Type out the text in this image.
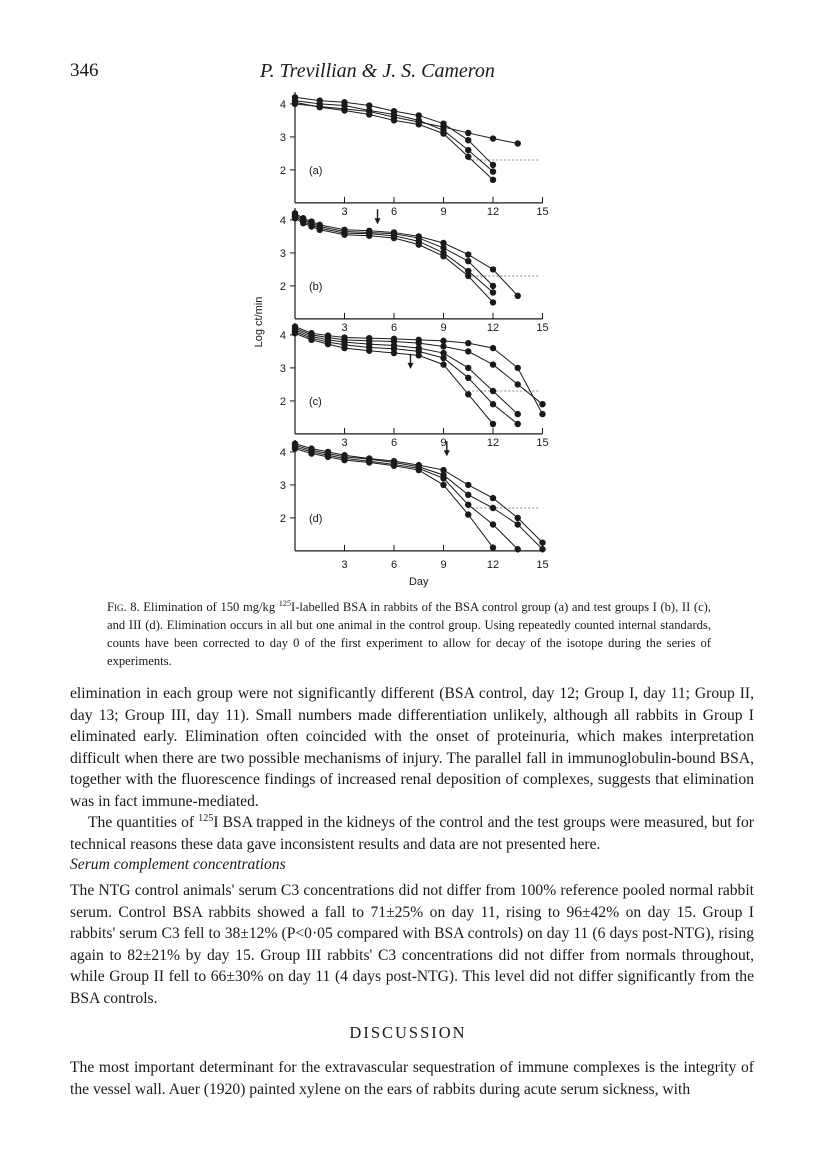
346	P. Trevillian & J. S. Cameron
4
3
2
3	6	9	12	15
(a)
4
3
2
3	6	9	12	15
(b)
4
3
2
3	6	9	12	15
(c)
4
3
2
3	6	9	12	15
(d)
Log ct/min
Day
Fig. 8. Elimination of 150 mg/kg $^{125}$I-labelled BSA in rabbits of the BSA control group (a) and test groups I (b), II (c), and III (d). Elimination occurs in all but one animal in the control group. Using repeatedly counted internal standards, counts have been corrected to day 0 of the first experiment to allow for decay of the isotope during the series of experiments.

elimination in each group were not significantly different (BSA control, day 12; Group I, day 11; Group II, day 13; Group III, day 11). Small numbers made differentiation unlikely, although all rabbits in Group I eliminated early. Elimination often coincided with the onset of proteinuria, which makes interpretation difficult when there are two possible mechanisms of injury. The parallel fall in immunoglobulin-bound BSA, together with the fluorescence findings of increased renal deposition of complexes, suggests that elimination was in fact immune-mediated.

The quantities of $^{125}$I BSA trapped in the kidneys of the control and the test groups were measured, but for technical reasons these data gave inconsistent results and data are not presented here.

Serum complement concentrations

The NTG control animals' serum C3 concentrations did not differ from 100% reference pooled normal rabbit serum. Control BSA rabbits showed a fall to 71±25% on day 11, rising to 96±42% on day 15. Group I rabbits' serum C3 fell to 38±12% (P<0·05 compared with BSA controls) on day 11 (6 days post-NTG), rising again to 82±21% by day 15. Group III rabbits' C3 concentrations did not differ from normals throughout, while Group II fell to 66±30% on day 11 (4 days post-NTG). This level did not differ significantly from the BSA controls.

DISCUSSION

The most important determinant for the extravascular sequestration of immune complexes is the integrity of the vessel wall. Auer (1920) painted xylene on the ears of rabbits during acute serum sickness, with
